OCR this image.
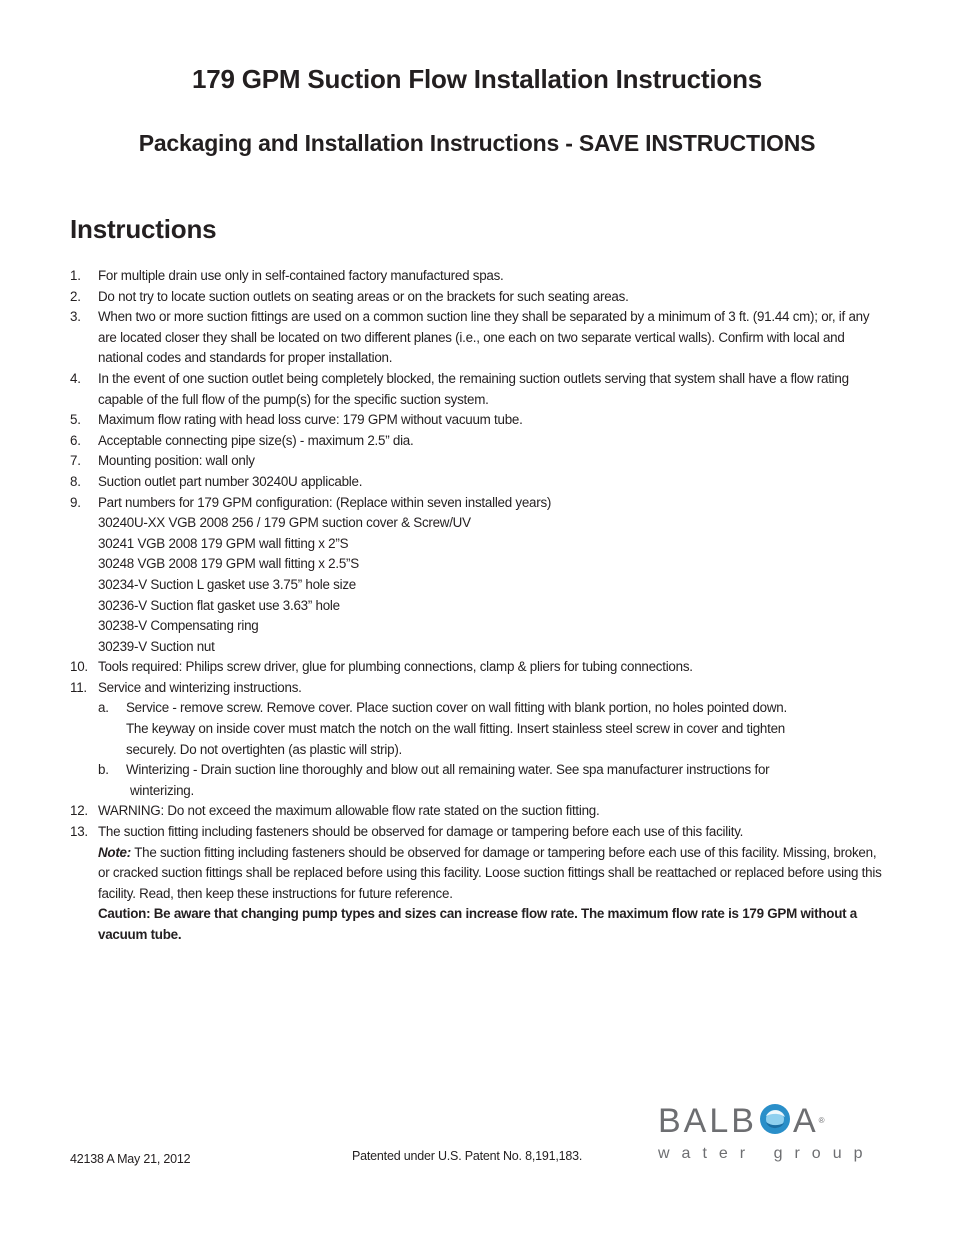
179 GPM Suction Flow Installation Instructions
Packaging and Installation Instructions - SAVE INSTRUCTIONS
Instructions
1.	For multiple drain use only in self-contained factory manufactured spas.
2.	Do not try to locate suction outlets on seating areas or on the brackets for such seating areas.
3.	When two or more suction fittings are used on a common suction line they shall be separated by a minimum of 3 ft. (91.44 cm); or, if any are located closer they shall be located on two different planes (i.e., one each on two separate vertical walls). Confirm with local and national codes and standards for proper installation.
4.	In the event of one suction outlet being completely blocked, the remaining suction outlets serving that system shall have a flow rating capable of the full flow of the pump(s) for the specific suction system.
5.	Maximum flow rating with head loss curve: 179 GPM without vacuum tube.
6.	Acceptable connecting pipe size(s) - maximum 2.5” dia.
7.	Mounting position: wall only
8.	Suction outlet part number 30240U applicable.
9.	Part numbers for 179 GPM configuration: (Replace within seven installed years)
30240U-XX VGB 2008 256 / 179 GPM suction cover & Screw/UV
30241 VGB 2008 179 GPM wall fitting x 2”S
30248 VGB 2008 179 GPM wall fitting x 2.5”S
30234-V Suction L gasket use 3.75” hole size
30236-V Suction flat gasket use 3.63” hole
30238-V Compensating ring
30239-V Suction nut
10. Tools required: Philips screw driver, glue for plumbing connections, clamp & pliers for tubing connections.
11. Service and winterizing instructions.
a.	Service - remove screw. Remove cover. Place suction cover on wall fitting with blank portion, no holes pointed down.
The keyway on inside cover must match the notch on the wall fitting. Insert stainless steel screw in cover and tighten
securely. Do not overtighten (as plastic will strip).
b.	Winterizing - Drain suction line thoroughly and blow out all remaining water. See spa manufacturer instructions for
winterizing.
12. WARNING: Do not exceed the maximum allowable flow rate stated on the suction fitting.
13. The suction fitting including fasteners should be observed for damage or tampering before each use of this facility.
Note: The suction fitting including fasteners should be observed for damage or tampering before each use of this facility. Missing, broken, or cracked suction fittings shall be replaced before using this facility. Loose suction fittings shall be reattached or replaced before using this facility. Read, then keep these instructions for future reference.
Caution: Be aware that changing pump types and sizes can increase flow rate. The maximum flow rate is 179 GPM without a vacuum tube.
42138 A May 21, 2012	Patented under U.S. Patent No. 8,191,183.
BALB A®
water group
